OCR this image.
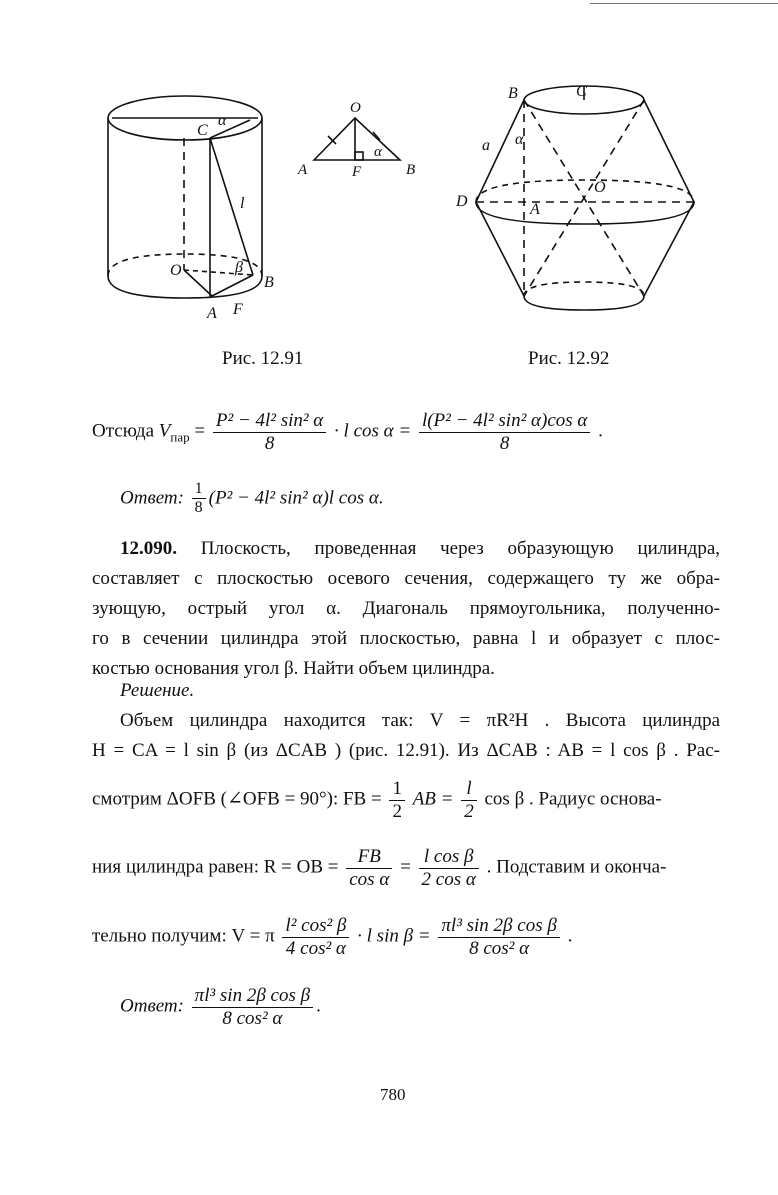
C
α
l
O	β
B
A F
O
A	F	B
α
B	C
a α
O
D	A
Рис. 12.91	Рис. 12.92
Отсюда $V_{пар} = \frac{\text{P² − 4l² sin² α}}{8} \cdot l$ $\cos \alpha = \frac{\text{l(P² − 4l² sin² α)cos α}}{8}$ .
Ответ: $\frac{1}{8} (P^2 - 4l^2$ sin² α)l cos α.
12.090. Плоскость, проведенная через образующую цилиндра,
составляет с плоскостью осевого сечения, содержащего ту же обра-
зующую, острый угол α. Диагональ прямоугольника, полученно-
го в сечении цилиндра этой плоскостью, равна l и образует с плос-
костью основания угол β. Найти объем цилиндра.
Решение.
Объем цилиндра находится так: V = πR²H . Высота цилиндра
H = CA = l sin β (из ΔCAB ) (рис. 12.91). Из ΔCAB : AB = l cos β . Рас-
смотрим ΔOFB (∠OFB = 90°): FB = $\frac{1}{2}$ AB = $\frac{l}{2}$ cos β . Радиус основа-
ния цилиндра равен: R = OB = $\frac{FB}{\text{cos α}} = \frac{\text{l cos β}}{\text{2 cos α}}$ . Подставим и оконча-
тельно получим: V = π $\frac{\text{l² cos² β}}{\text{4 cos² α}} \cdot l$ $\sin \beta = \frac{\text{πl³ sin 2β cos β}}{\text{8 cos² α}}$ .
Ответ: $\frac{\text{πl³ sin 2β cos β}}{\text{8 cos² α}}$ .
780
